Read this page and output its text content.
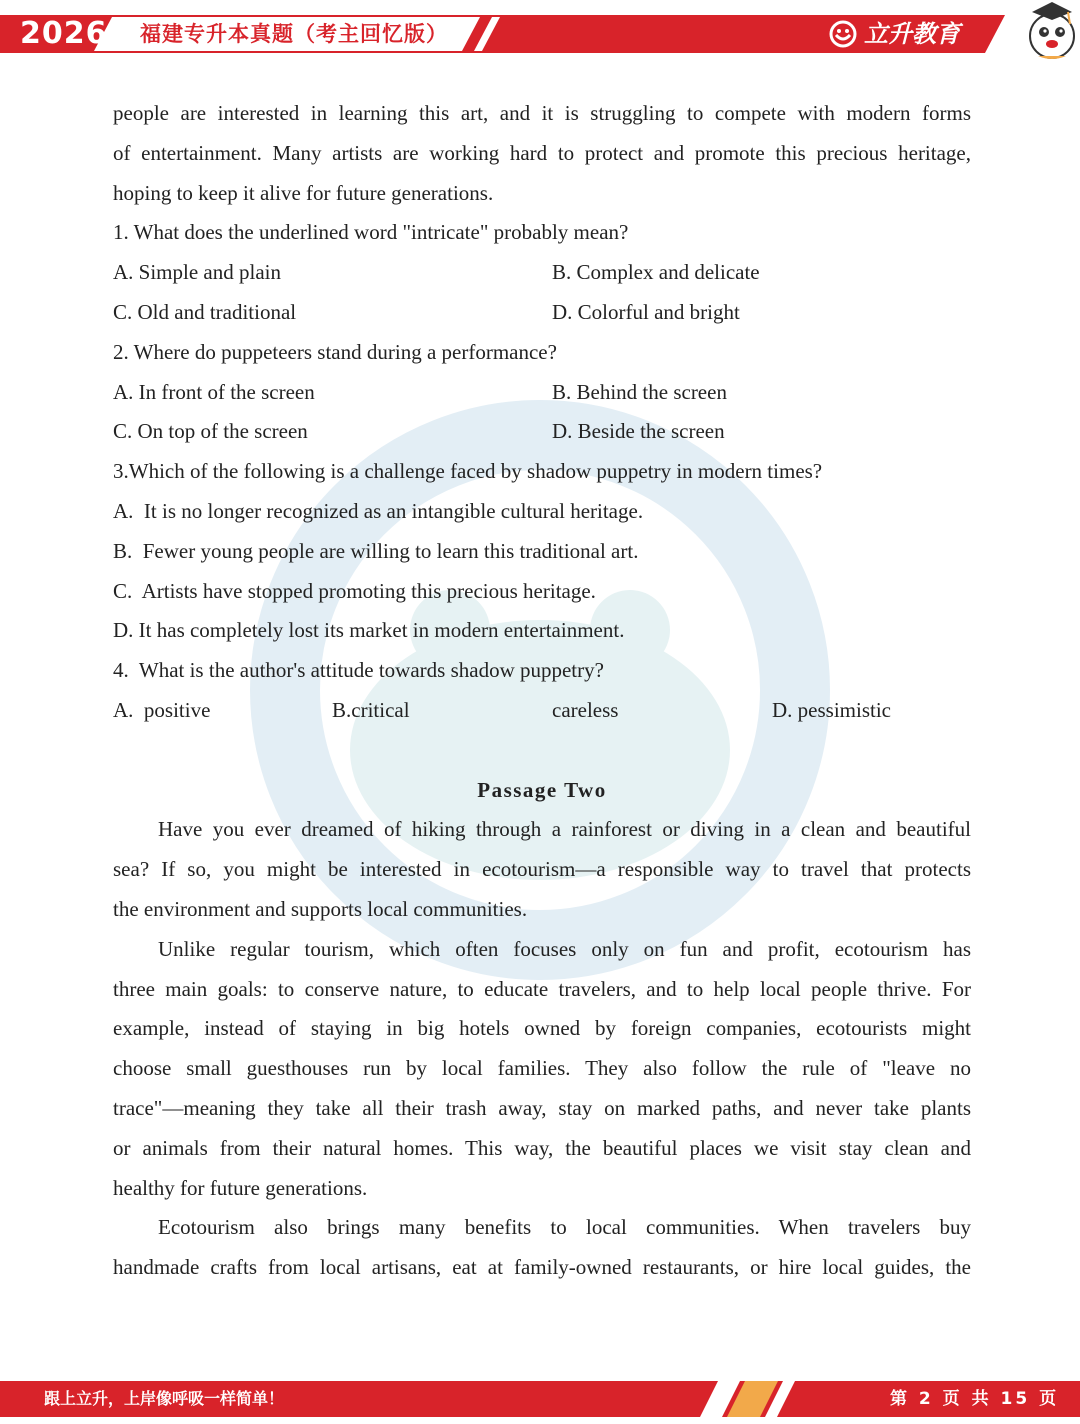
2026 福建专升本真题（考主回忆版）	立升教育
people are interested in learning this art, and it is struggling to compete with modern forms
of entertainment. Many artists are working hard to protect and promote this precious heritage,
hoping to keep it alive for future generations.
1. What does the underlined word "intricate" probably mean?
A. Simple and plain	B. Complex and delicate
C. Old and traditional	D. Colorful and bright
2. Where do puppeteers stand during a performance?
A. In front of the screen	B. Behind the screen
C. On top of the screen	D. Beside the screen
3.Which of the following is a challenge faced by shadow puppetry in modern times?
A.  It is no longer recognized as an intangible cultural heritage.
B.  Fewer young people are willing to learn this traditional art.
C.  Artists have stopped promoting this precious heritage.
D. It has completely lost its market in modern entertainment.
4.  What is the author's attitude towards shadow puppetry?
A.  positive	B.critical	careless	D. pessimistic
Passage Two
Have you ever dreamed of hiking through a rainforest or diving in a clean and beautiful
sea? If so, you might be interested in ecotourism—a responsible way to travel that protects
the environment and supports local communities.
Unlike regular tourism, which often focuses only on fun and profit, ecotourism has
three main goals: to conserve nature, to educate travelers, and to help local people thrive. For
example, instead of staying in big hotels owned by foreign companies, ecotourists might
choose small guesthouses run by local families. They also follow the rule of "leave no
trace"—meaning they take all their trash away, stay on marked paths, and never take plants
or animals from their natural homes. This way, the beautiful places we visit stay clean and
healthy for future generations.
Ecotourism also brings many benefits to local communities. When travelers buy
handmade crafts from local artisans, eat at family-owned restaurants, or hire local guides, the
跟上立升，上岸像呼吸一样简单！	第 2 页 共 15 页
